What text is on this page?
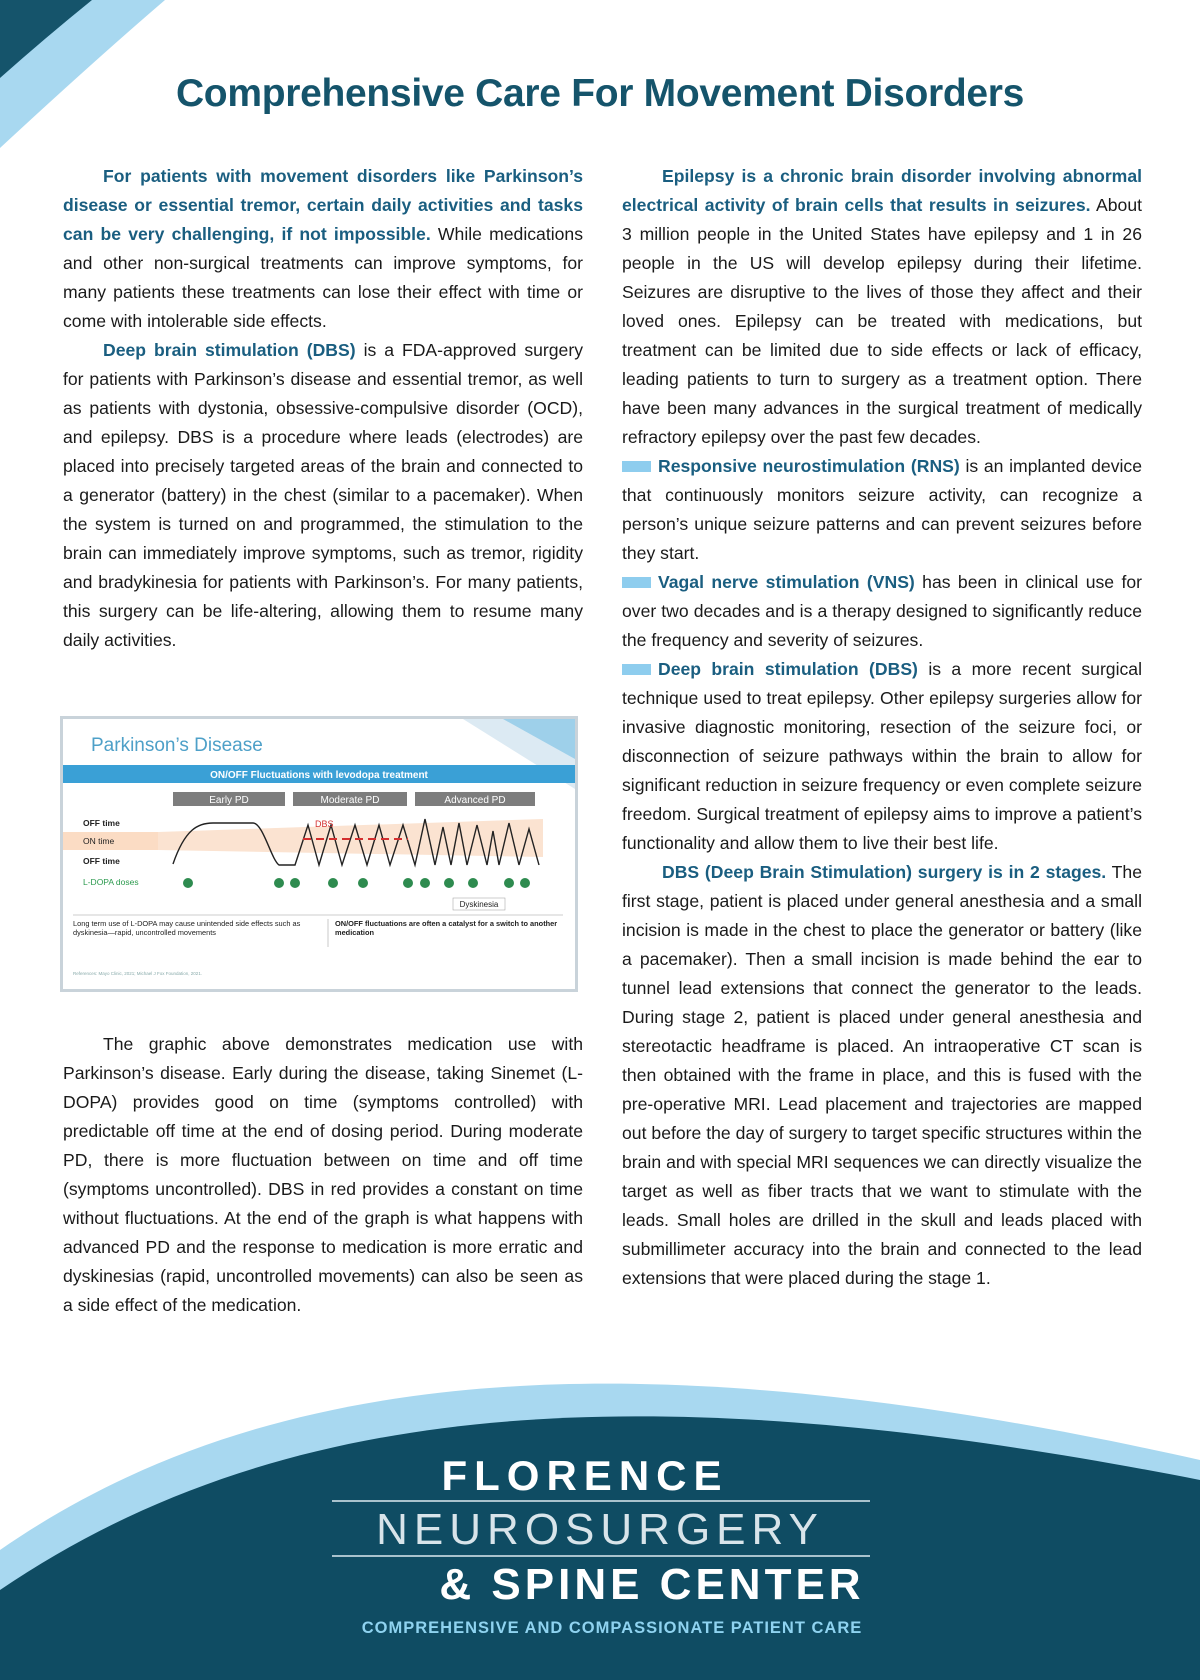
Comprehensive Care For Movement Disorders

For patients with movement disorders like Parkinson’s disease or essential tremor, certain daily activities and tasks can be very challenging, if not impossible. While medications and other non-surgical treatments can improve symptoms, for many patients these treatments can lose their effect with time or come with intolerable side effects.

Deep brain stimulation (DBS) is a FDA-approved surgery for patients with Parkinson’s disease and essential tremor, as well as patients with dystonia, obsessive-compulsive disorder (OCD), and epilepsy. DBS is a procedure where leads (electrodes) are placed into precisely targeted areas of the brain and connected to a generator (battery) in the chest (similar to a pacemaker). When the system is turned on and programmed, the stimulation to the brain can immediately improve symptoms, such as tremor, rigidity and bradykinesia for patients with Parkinson’s. For many patients, this surgery can be life-altering, allowing them to resume many daily activities.

Parkinson’s Disease
ON/OFF Fluctuations with levodopa treatment
Early PD	Moderate PD	Advanced PD
OFF time
ON time
OFF time
L-DOPA doses
DBS
Dyskinesia
Long term use of L-DOPA may cause unintended side effects such as dyskinesia—rapid, uncontrolled movements
ON/OFF fluctuations are often a catalyst for a switch to another medication
References: Mayo Clinic, 2021; Michael J Fox Foundation, 2021.

The graphic above demonstrates medication use with Parkinson’s disease. Early during the disease, taking Sinemet (L-DOPA) provides good on time (symptoms controlled) with predictable off time at the end of dosing period. During moderate PD, there is more fluctuation between on time and off time (symptoms uncontrolled). DBS in red provides a constant on time without fluctuations. At the end of the graph is what happens with advanced PD and the response to medication is more erratic and dyskinesias (rapid, uncontrolled movements) can also be seen as a side effect of the medication.

Epilepsy is a chronic brain disorder involving abnormal electrical activity of brain cells that results in seizures. About 3 million people in the United States have epilepsy and 1 in 26 people in the US will develop epilepsy during their lifetime. Seizures are disruptive to the lives of those they affect and their loved ones. Epilepsy can be treated with medications, but treatment can be limited due to side effects or lack of efficacy, leading patients to turn to surgery as a treatment option. There have been many advances in the surgical treatment of medically refractory epilepsy over the past few decades.

Responsive neurostimulation (RNS) is an implanted device that continuously monitors seizure activity, can recognize a person’s unique seizure patterns and can prevent seizures before they start.

Vagal nerve stimulation (VNS) has been in clinical use for over two decades and is a therapy designed to significantly reduce the frequency and severity of seizures.

Deep brain stimulation (DBS) is a more recent surgical technique used to treat epilepsy. Other epilepsy surgeries allow for invasive diagnostic monitoring, resection of the seizure foci, or disconnection of seizure pathways within the brain to allow for significant reduction in seizure frequency or even complete seizure freedom. Surgical treatment of epilepsy aims to improve a patient’s functionality and allow them to live their best life.

DBS (Deep Brain Stimulation) surgery is in 2 stages. The first stage, patient is placed under general anesthesia and a small incision is made in the chest to place the generator or battery (like a pacemaker). Then a small incision is made behind the ear to tunnel lead extensions that connect the generator to the leads. During stage 2, patient is placed under general anesthesia and stereotactic headframe is placed. An intraoperative CT scan is then obtained with the frame in place, and this is fused with the pre-operative MRI. Lead placement and trajectories are mapped out before the day of surgery to target specific structures within the brain and with special MRI sequences we can directly visualize the target as well as fiber tracts that we want to stimulate with the leads. Small holes are drilled in the skull and leads placed with submillimeter accuracy into the brain and connected to the lead extensions that were placed during the stage 1.

FLORENCE
NEUROSURGERY
& SPINE CENTER
COMPREHENSIVE AND COMPASSIONATE PATIENT CARE
